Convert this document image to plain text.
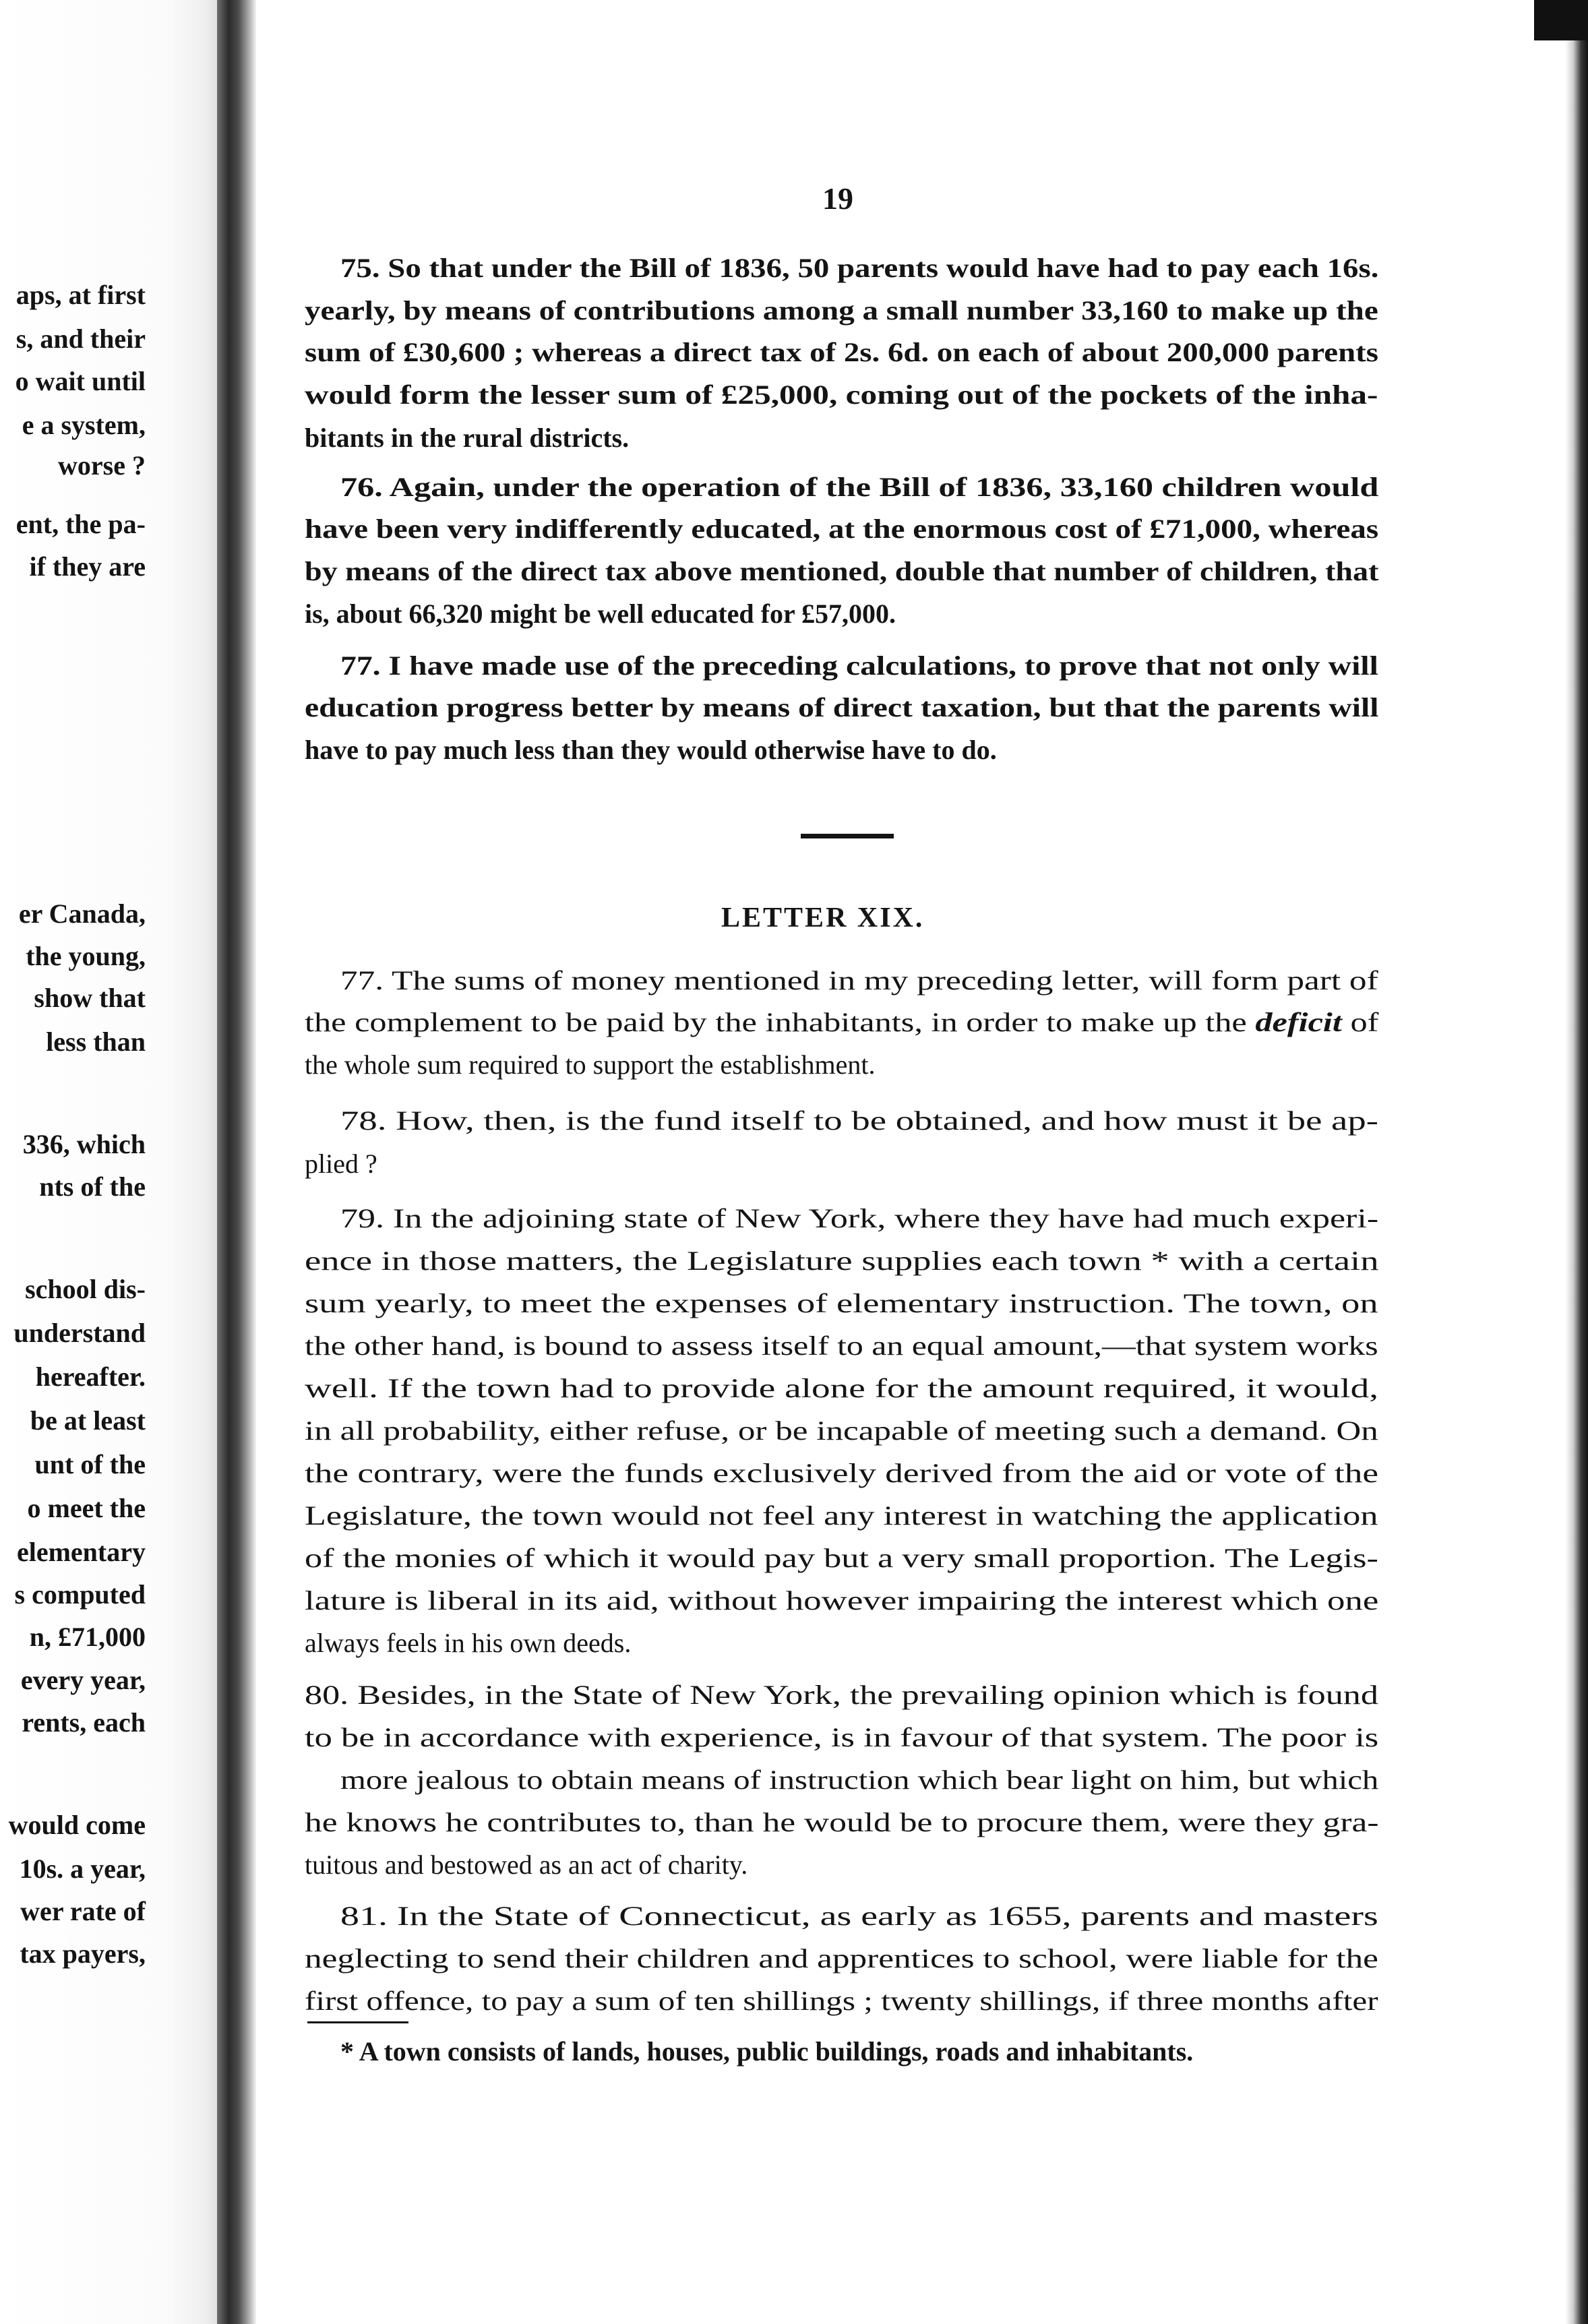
aps, at first
s, and their
o wait until
e a system,
worse ?
ent, the pa-
if they are
er Canada,
the young,
show that
less than
336, which
nts of the
school dis-
understand
hereafter.
be at least
unt of the
o meet the
elementary
s computed
n, £71,000
every year,
rents, each
would come
10s. a year,
wer rate of
tax payers,
19
75. So that under the Bill of 1836, 50 parents would have had to pay each 16s.
yearly, by means of contributions among a small number 33,160 to make up the
sum of £30,600 ; whereas a direct tax of 2s. 6d. on each of about 200,000 parents
would form the lesser sum of £25,000, coming out of the pockets of the inha-
bitants in the rural districts.
76. Again, under the operation of the Bill of 1836, 33,160 children would
have been very indifferently educated, at the enormous cost of £71,000, whereas
by means of the direct tax above mentioned, double that number of children, that
is, about 66,320 might be well educated for £57,000.
77. I have made use of the preceding calculations, to prove that not only will
education progress better by means of direct taxation, but that the parents will
have to pay much less than they would otherwise have to do.
LETTER XIX.
77. The sums of money mentioned in my preceding letter, will form part of
the complement to be paid by the inhabitants, in order to make up the deficit of
the whole sum required to support the establishment.
78. How, then, is the fund itself to be obtained, and how must it be ap-
plied ?
79. In the adjoining state of New York, where they have had much experi-
ence in those matters, the Legislature supplies each town * with a certain
sum yearly, to meet the expenses of elementary instruction. The town, on
the other hand, is bound to assess itself to an equal amount,—that system works
well. If the town had to provide alone for the amount required, it would,
in all probability, either refuse, or be incapable of meeting such a demand. On
the contrary, were the funds exclusively derived from the aid or vote of the
Legislature, the town would not feel any interest in watching the application
of the monies of which it would pay but a very small proportion. The Legis-
lature is liberal in its aid, without however impairing the interest which one
always feels in his own deeds.
80. Besides, in the State of New York, the prevailing opinion which is found
to be in accordance with experience, is in favour of that system. The poor is
more jealous to obtain means of instruction which bear light on him, but which
he knows he contributes to, than he would be to procure them, were they gra-
tuitous and bestowed as an act of charity.
81. In the State of Connecticut, as early as 1655, parents and masters
neglecting to send their children and apprentices to school, were liable for the
first offence, to pay a sum of ten shillings ; twenty shillings, if three months after
* A town consists of lands, houses, public buildings, roads and inhabitants.
